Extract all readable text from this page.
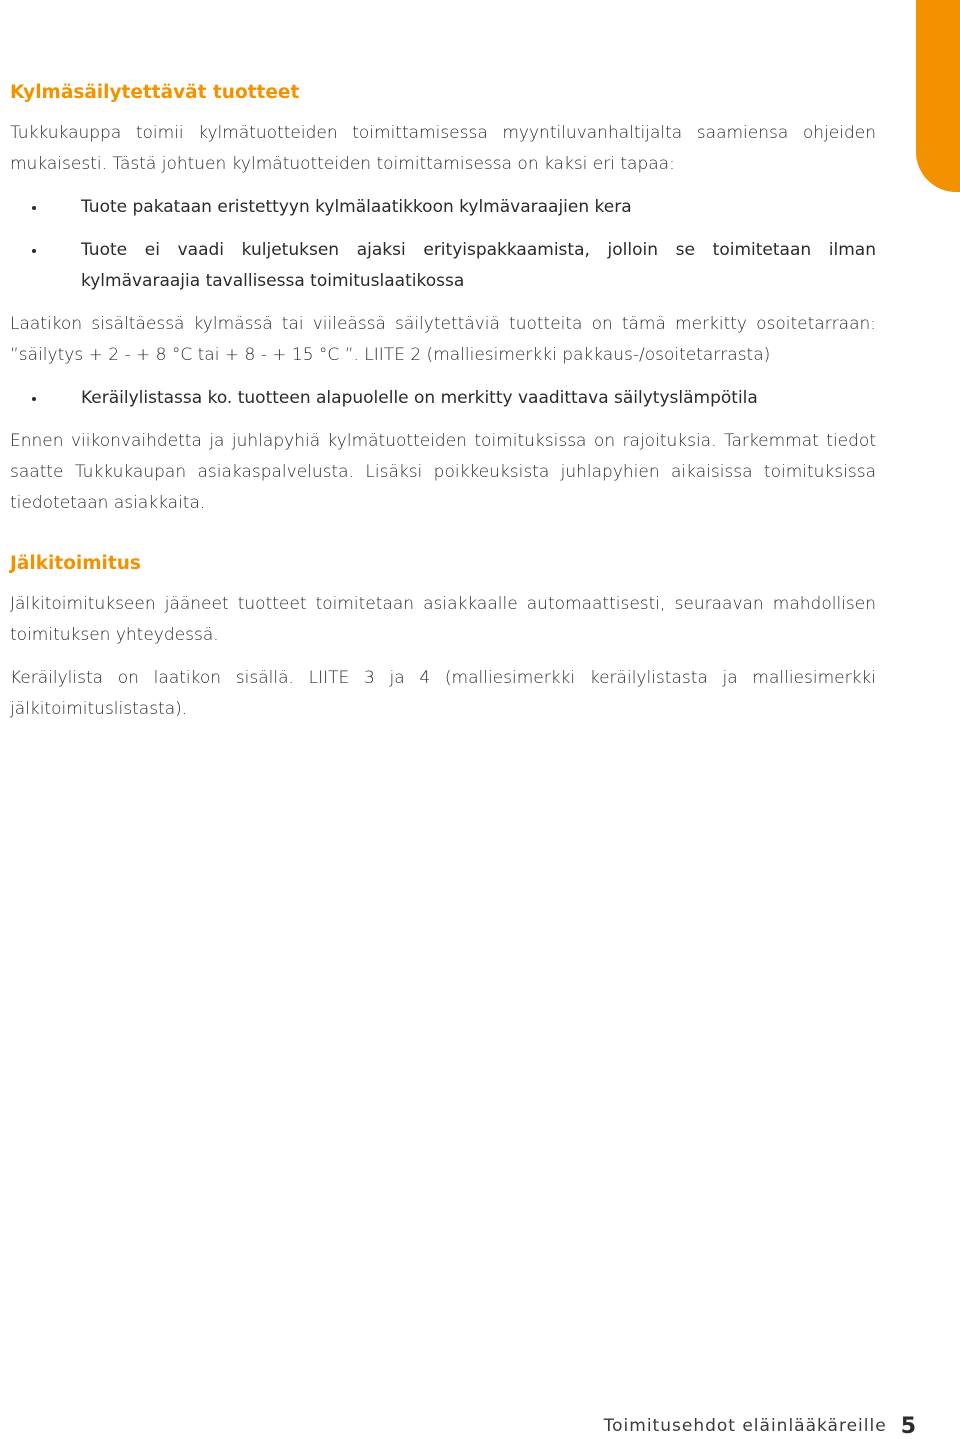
Kylmäsäilytettävät tuotteet

Tukkukauppa toimii kylmätuotteiden toimittamisessa myyntiluvanhaltijalta saamiensa ohjeiden mukaisesti. Tästä johtuen kylmätuotteiden toimittamisessa on kaksi eri tapaa:

Tuote pakataan eristettyyn kylmälaatikkoon kylmävaraajien kera
Tuote ei vaadi kuljetuksen ajaksi erityispakkaamista, jolloin se toimitetaan ilman kylmävaraajia tavallisessa toimituslaatikossa

Laatikon sisältäessä kylmässä tai viileässä säilytettäviä tuotteita on tämä merkitty osoitetarraan: ”säilytys + 2 - + 8 °C tai + 8 - + 15 °C ”. LIITE 2 (malliesimerkki pakkaus-/osoitetarrasta)

Keräilylistassa ko. tuotteen alapuolelle on merkitty vaadittava säilytyslämpötila

Ennen viikonvaihdetta ja juhlapyhiä kylmätuotteiden toimituksissa on rajoituksia. Tarkemmat tiedot saatte Tukkukaupan asiakaspalvelusta. Lisäksi poikkeuksista juhlapyhien aikaisissa toimituksissa tiedotetaan asiakkaita.

Jälkitoimitus

Jälkitoimitukseen jääneet tuotteet toimitetaan asiakkaalle automaattisesti, seuraavan mahdollisen toimituksen yhteydessä.

Keräilylista on laatikon sisällä. LIITE 3 ja 4 (malliesimerkki keräilylistasta ja malliesimerkki jälkitoimituslistasta).

Toimitusehdot eläinlääkäreille 5
